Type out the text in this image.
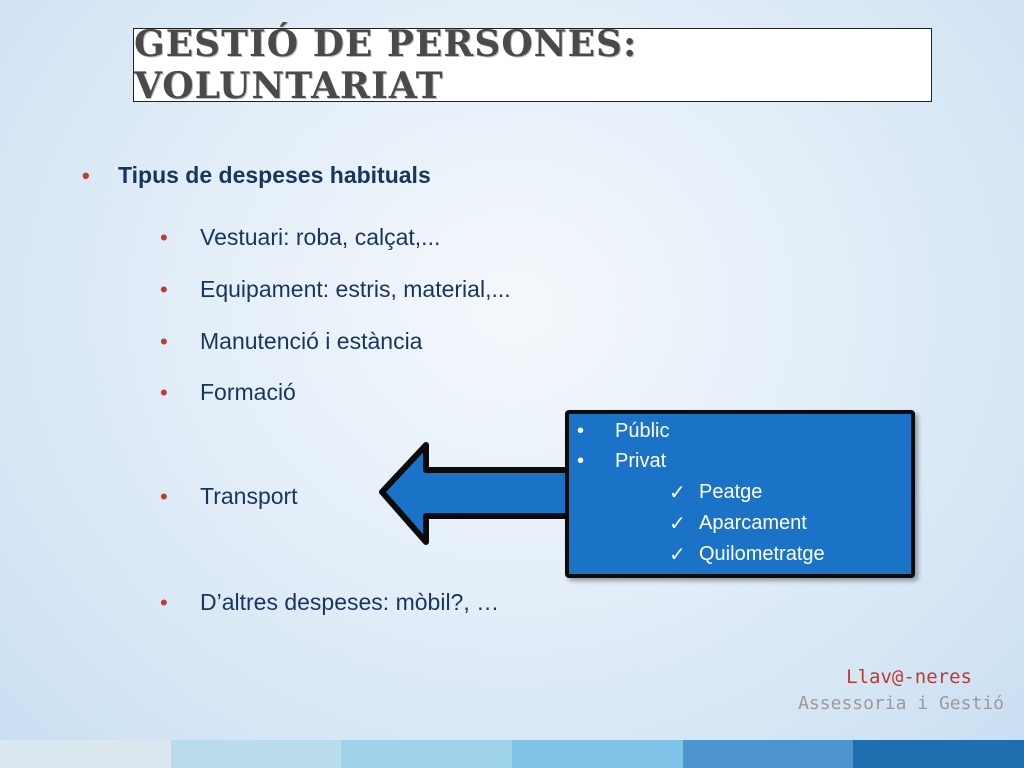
GESTIÓ DE PERSONES: VOLUNTARIAT
•	Tipus de despeses habituals
•	Vestuari: roba, calçat,...
•	Equipament: estris, material,...
•	Manutenció i estància
•	Formació
•	Transport
•	D’altres despeses: mòbil?, …
•	Públic
•	Privat
✓ Peatge
✓ Aparcament
✓ Quilometratge
Llav@-neres
Assessoria i Gestió
